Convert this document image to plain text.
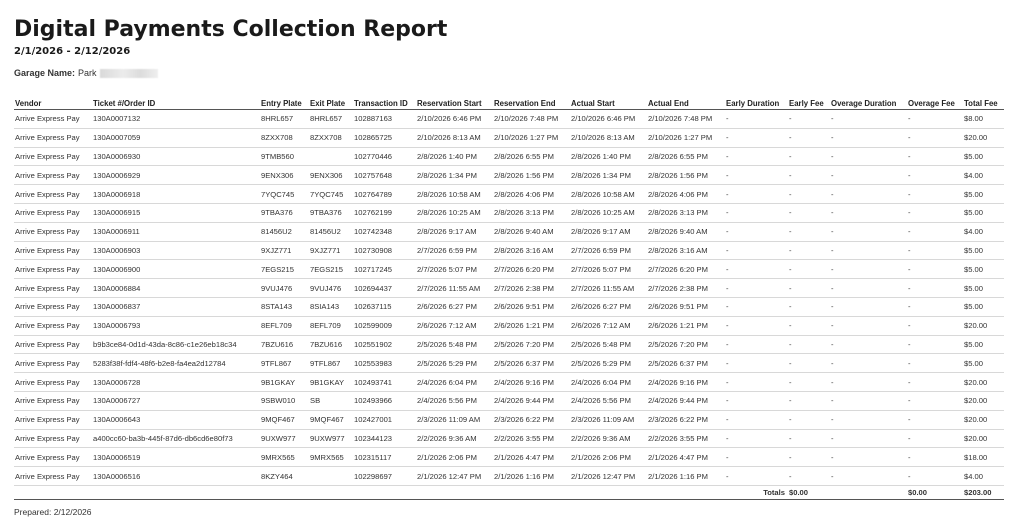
Digital Payments Collection Report
2/1/2026 - 2/12/2026
Garage Name: Park
Vendor	Ticket #/Order ID	Entry Plate	Exit Plate	Transaction ID	Reservation Start	Reservation End	Actual Start	Actual End	Early Duration	Early Fee	Overage Duration	Overage Fee	Total Fee
Arrive Express Pay	130A0007132	8HRL657	8HRL657	102887163	2/10/2026 6:46 PM	2/10/2026 7:48 PM	2/10/2026 6:46 PM	2/10/2026 7:48 PM	-	-	-	-	$8.00
Arrive Express Pay	130A0007059	8ZXX708	8ZXX708	102865725	2/10/2026 8:13 AM	2/10/2026 1:27 PM	2/10/2026 8:13 AM	2/10/2026 1:27 PM	-	-	-	-	$20.00
Arrive Express Pay	130A0006930	9TMB560		102770446	2/8/2026 1:40 PM	2/8/2026 6:55 PM	2/8/2026 1:40 PM	2/8/2026 6:55 PM	-	-	-	-	$5.00
Arrive Express Pay	130A0006929	9ENX306	9ENX306	102757648	2/8/2026 1:34 PM	2/8/2026 1:56 PM	2/8/2026 1:34 PM	2/8/2026 1:56 PM	-	-	-	-	$4.00
Arrive Express Pay	130A0006918	7YQC745	7YQC745	102764789	2/8/2026 10:58 AM	2/8/2026 4:06 PM	2/8/2026 10:58 AM	2/8/2026 4:06 PM	-	-	-	-	$5.00
Arrive Express Pay	130A0006915	9TBA376	9TBA376	102762199	2/8/2026 10:25 AM	2/8/2026 3:13 PM	2/8/2026 10:25 AM	2/8/2026 3:13 PM	-	-	-	-	$5.00
Arrive Express Pay	130A0006911	81456U2	81456U2	102742348	2/8/2026 9:17 AM	2/8/2026 9:40 AM	2/8/2026 9:17 AM	2/8/2026 9:40 AM	-	-	-	-	$4.00
Arrive Express Pay	130A0006903	9XJZ771	9XJZ771	102730908	2/7/2026 6:59 PM	2/8/2026 3:16 AM	2/7/2026 6:59 PM	2/8/2026 3:16 AM	-	-	-	-	$5.00
Arrive Express Pay	130A0006900	7EGS215	7EGS215	102717245	2/7/2026 5:07 PM	2/7/2026 6:20 PM	2/7/2026 5:07 PM	2/7/2026 6:20 PM	-	-	-	-	$5.00
Arrive Express Pay	130A0006884	9VUJ476	9VUJ476	102694437	2/7/2026 11:55 AM	2/7/2026 2:38 PM	2/7/2026 11:55 AM	2/7/2026 2:38 PM	-	-	-	-	$5.00
Arrive Express Pay	130A0006837	8STA143	8SIA143	102637115	2/6/2026 6:27 PM	2/6/2026 9:51 PM	2/6/2026 6:27 PM	2/6/2026 9:51 PM	-	-	-	-	$5.00
Arrive Express Pay	130A0006793	8EFL709	8EFL709	102599009	2/6/2026 7:12 AM	2/6/2026 1:21 PM	2/6/2026 7:12 AM	2/6/2026 1:21 PM	-	-	-	-	$20.00
Arrive Express Pay	b9b3ce84-0d1d-43da-8c86-c1e26eb18c34	7BZU616	7BZU616	102551902	2/5/2026 5:48 PM	2/5/2026 7:20 PM	2/5/2026 5:48 PM	2/5/2026 7:20 PM	-	-	-	-	$5.00
Arrive Express Pay	5283f38f-fdf4-48f6-b2e8-fa4ea2d12784	9TFL867	9TFL867	102553983	2/5/2026 5:29 PM	2/5/2026 6:37 PM	2/5/2026 5:29 PM	2/5/2026 6:37 PM	-	-	-	-	$5.00
Arrive Express Pay	130A0006728	9B1GKAY	9B1GKAY	102493741	2/4/2026 6:04 PM	2/4/2026 9:16 PM	2/4/2026 6:04 PM	2/4/2026 9:16 PM	-	-	-	-	$20.00
Arrive Express Pay	130A0006727	9SBW010	SB	102493966	2/4/2026 5:56 PM	2/4/2026 9:44 PM	2/4/2026 5:56 PM	2/4/2026 9:44 PM	-	-	-	-	$20.00
Arrive Express Pay	130A0006643	9MQF467	9MQF467	102427001	2/3/2026 11:09 AM	2/3/2026 6:22 PM	2/3/2026 11:09 AM	2/3/2026 6:22 PM	-	-	-	-	$20.00
Arrive Express Pay	a400cc60-ba3b-445f-87d6-db6cd6e80f73	9UXW977	9UXW977	102344123	2/2/2026 9:36 AM	2/2/2026 3:55 PM	2/2/2026 9:36 AM	2/2/2026 3:55 PM	-	-	-	-	$20.00
Arrive Express Pay	130A0006519	9MRX565	9MRX565	102315117	2/1/2026 2:06 PM	2/1/2026 4:47 PM	2/1/2026 2:06 PM	2/1/2026 4:47 PM	-	-	-	-	$18.00
Arrive Express Pay	130A0006516	8KZY464		102298697	2/1/2026 12:47 PM	2/1/2026 1:16 PM	2/1/2026 12:47 PM	2/1/2026 1:16 PM	-	-	-	-	$4.00
									Totals	$0.00		$0.00	$203.00
Prepared: 2/12/2026
